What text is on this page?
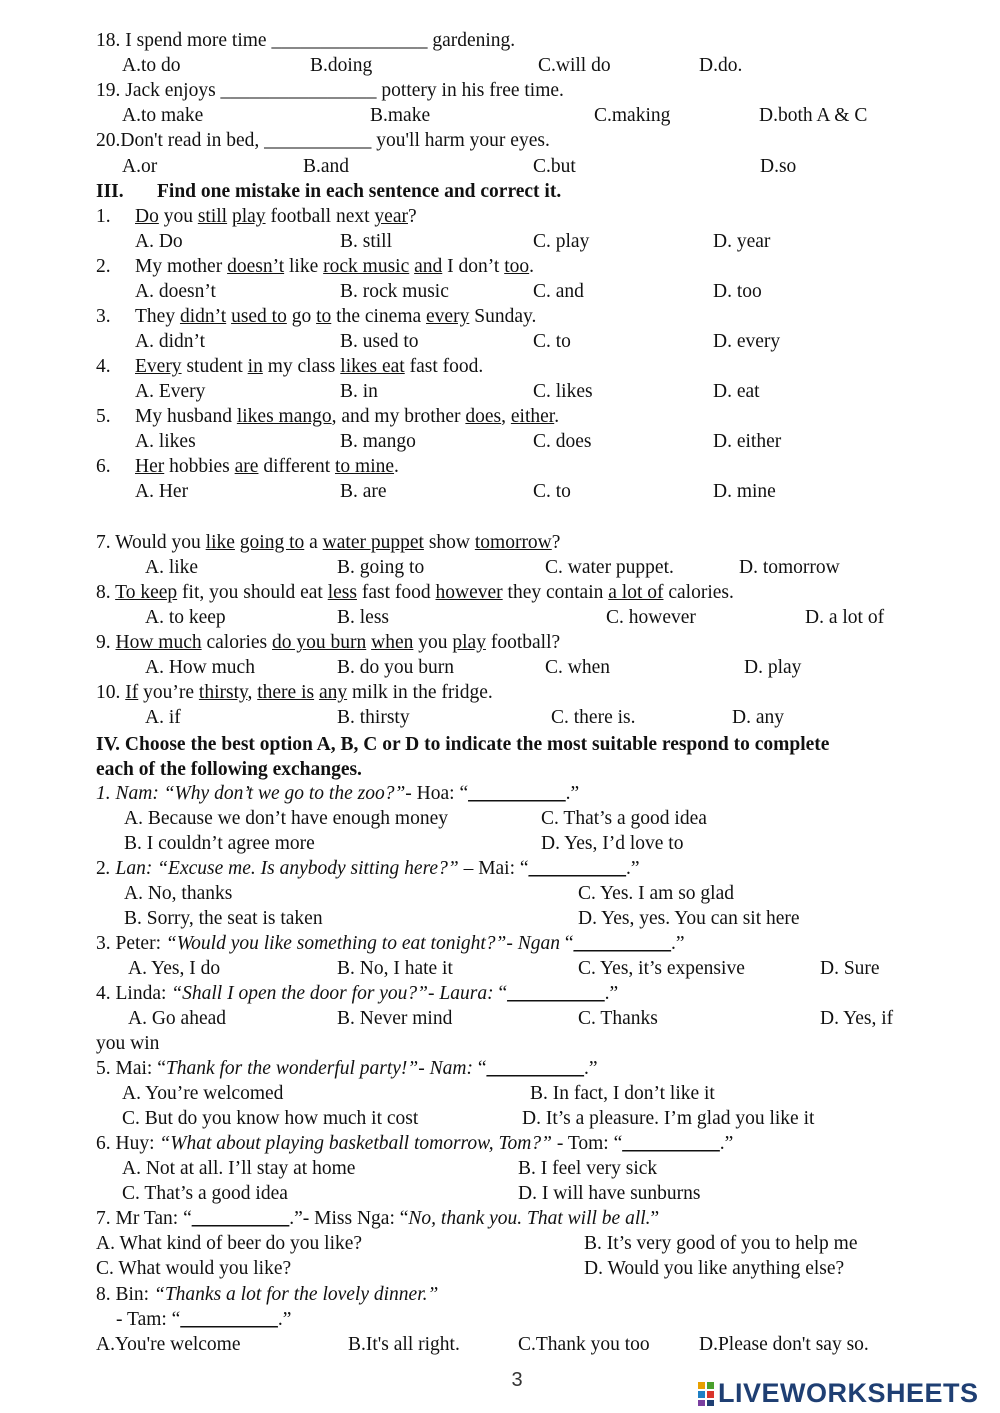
18. I spend more time ________________ gardening.
A.to do	B.doing	C.will do	D.do.
19. Jack enjoys ________________ pottery in his free time.
A.to make	B.make	C.making	D.both A & C
20.Don't read in bed, ___________ you'll harm your eyes.
A.or	B.and	C.but	D.so
III. Find one mistake in each sentence and correct it.
1. Do you still play football next year?
A. Do	B. still	C. play	D. year
2. My mother doesn’t like rock music and I don’t too.
A. doesn’t	B. rock music	C. and	D. too
3. They didn’t used to go to the cinema every Sunday.
A. didn’t	B. used to	C. to	D. every
4. Every student in my class likes eat fast food.
A. Every	B. in	C. likes	D. eat
5. My husband likes mango, and my brother does, either.
A. likes	B. mango	C. does	D. either
6. Her hobbies are different to mine.
A. Her	B. are	C. to	D. mine
7. Would you like going to a water puppet show tomorrow?
A. like	B. going to	C. water puppet.	D. tomorrow
8. To keep fit, you should eat less fast food however they contain a lot of calories.
A. to keep	B. less	C. however	D. a lot of
9. How much calories do you burn when you play football?
A. How much	B. do you burn	C. when	D. play
10. If you’re thirsty, there is any milk in the fridge.
A. if	B. thirsty	C. there is.	D. any
IV. Choose the best option A, B, C or D to indicate the most suitable respond to complete
each of the following exchanges.
1. Nam: “Why don’t we go to the zoo?”- Hoa: “__________.”
A. Because we don’t have enough money	C. That’s a good idea
B. I couldn’t agree more	D. Yes, I’d love to
2. Lan: “Excuse me. Is anybody sitting here?” – Mai: “__________.”
A. No, thanks	C. Yes. I am so glad
B. Sorry, the seat is taken	D. Yes, yes. You can sit here
3. Peter: “Would you like something to eat tonight?”- Ngan “__________.”
A. Yes, I do	B. No, I hate it	C. Yes, it’s expensive	D. Sure
4. Linda: “Shall I open the door for you?”- Laura: “__________.”
A. Go ahead	B. Never mind	C. Thanks	D. Yes, if
you win
5. Mai: “Thank for the wonderful party!”- Nam: “__________.”
A. You’re welcomed	B. In fact, I don’t like it
C. But do you know how much it cost	D. It’s a pleasure. I’m glad you like it
6. Huy: “What about playing basketball tomorrow, Tom?” - Tom: “__________.”
A. Not at all. I’ll stay at home	B. I feel very sick
C. That’s a good idea	D. I will have sunburns
7. Mr Tan: “__________.”- Miss Nga: “No, thank you. That will be all.”
A. What kind of beer do you like?	B. It’s very good of you to help me
C. What would you like?	D. Would you like anything else?
8. Bin: “Thanks a lot for the lovely dinner.”
- Tam: “__________.”
A.You're welcome	B.It's all right.	C.Thank you too	D.Please don't say so.
3	LIVEWORKSHEETS
